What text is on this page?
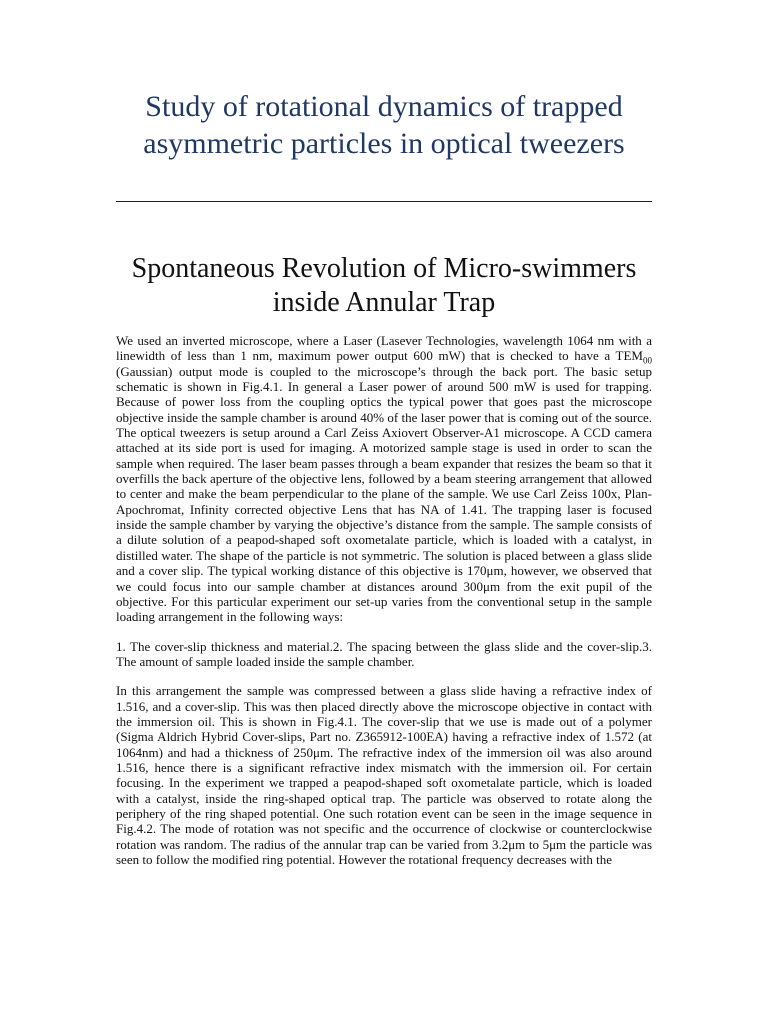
Study of rotational dynamics of trapped asymmetric particles in optical tweezers
Spontaneous Revolution of Micro-swimmers inside Annular Trap

We used an inverted microscope, where a Laser (Lasever Technologies, wavelength 1064 nm with a linewidth of less than 1 nm, maximum power output 600 mW) that is checked to have a $TEM_{00}$ (Gaussian) output mode is coupled to the microscope’s through the back port. The basic setup schematic is shown in Fig.4.1. In general a Laser power of around 500 mW is used for trapping. Because of power loss from the coupling optics the typical power that goes past the microscope objective inside the sample chamber is around 40% of the laser power that is coming out of the source. The optical tweezers is setup around a Carl Zeiss Axiovert Observer-A1 microscope. A CCD camera attached at its side port is used for imaging. A motorized sample stage is used in order to scan the sample when required. The laser beam passes through a beam expander that resizes the beam so that it overfills the back aperture of the objective lens, followed by a beam steering arrangement that allowed to center and make the beam perpendicular to the plane of the sample. We use Carl Zeiss 100x, Plan-Apochromat, Infinity corrected objective Lens that has NA of 1.41. The trapping laser is focused inside the sample chamber by varying the objective’s distance from the sample. The sample consists of a dilute solution of a peapod-shaped soft oxometalate particle, which is loaded with a catalyst, in distilled water. The shape of the particle is not symmetric. The solution is placed between a glass slide and a cover slip. The typical working distance of this objective is 170μm, however, we observed that we could focus into our sample chamber at distances around 300μm from the exit pupil of the objective. For this particular experiment our set-up varies from the conventional setup in the sample loading arrangement in the following ways:

1. The cover-slip thickness and material.2. The spacing between the glass slide and the cover-slip.3. The amount of sample loaded inside the sample chamber.

In this arrangement the sample was compressed between a glass slide having a refractive index of 1.516, and a cover-slip. This was then placed directly above the microscope objective in contact with the immersion oil. This is shown in Fig.4.1. The cover-slip that we use is made out of a polymer (Sigma Aldrich Hybrid Cover-slips, Part no. Z365912-100EA) having a refractive index of 1.572 (at 1064nm) and had a thickness of 250μm. The refractive index of the immersion oil was also around 1.516, hence there is a significant refractive index mismatch with the immersion oil. For certain focusing. In the experiment we trapped a peapod-shaped soft oxometalate particle, which is loaded with a catalyst, inside the ring-shaped optical trap. The particle was observed to rotate along the periphery of the ring shaped potential. One such rotation event can be seen in the image sequence in Fig.4.2. The mode of rotation was not specific and the occurrence of clockwise or counterclockwise rotation was random. The radius of the annular trap can be varied from 3.2μm to 5μm the particle was seen to follow the modified ring potential. However the rotational frequency decreases with the
